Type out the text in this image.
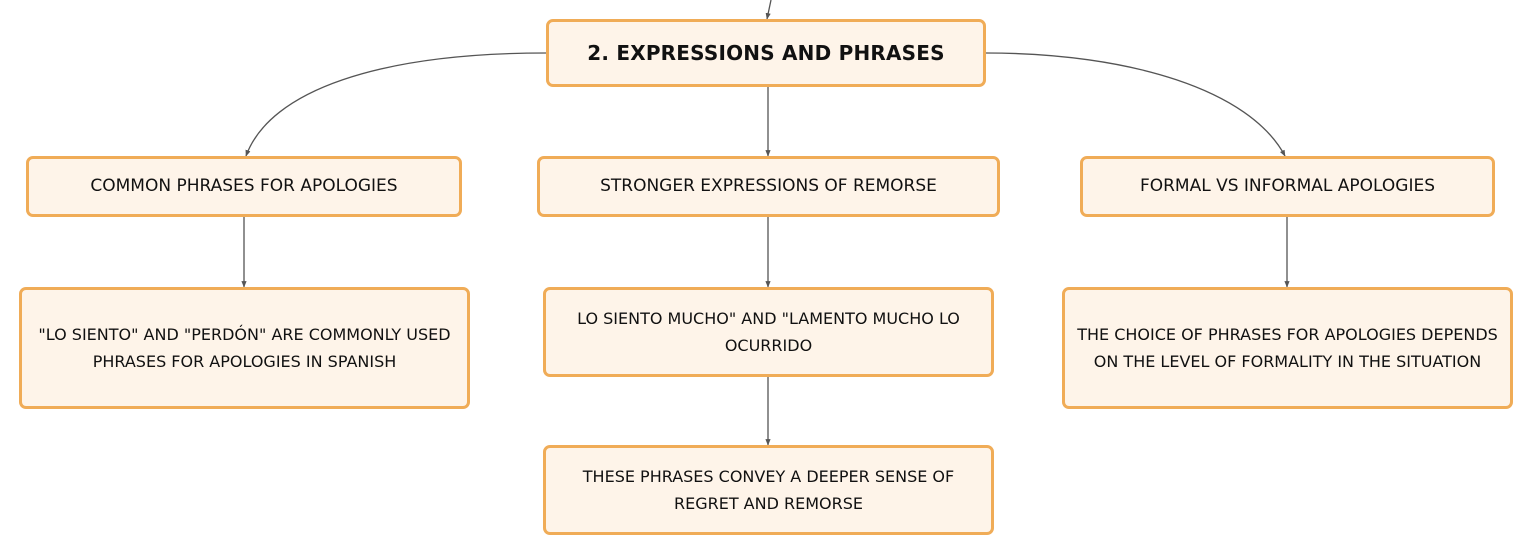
2. EXPRESSIONS AND PHRASES
COMMON PHRASES FOR APOLOGIES	STRONGER EXPRESSIONS OF REMORSE	FORMAL VS INFORMAL APOLOGIES
"LO SIENTO" AND "PERDÓN" ARE COMMONLY USED PHRASES FOR APOLOGIES IN SPANISH
LO SIENTO MUCHO" AND "LAMENTO MUCHO LO OCURRIDO
THE CHOICE OF PHRASES FOR APOLOGIES DEPENDS ON THE LEVEL OF FORMALITY IN THE SITUATION
THESE PHRASES CONVEY A DEEPER SENSE OF REGRET AND REMORSE
